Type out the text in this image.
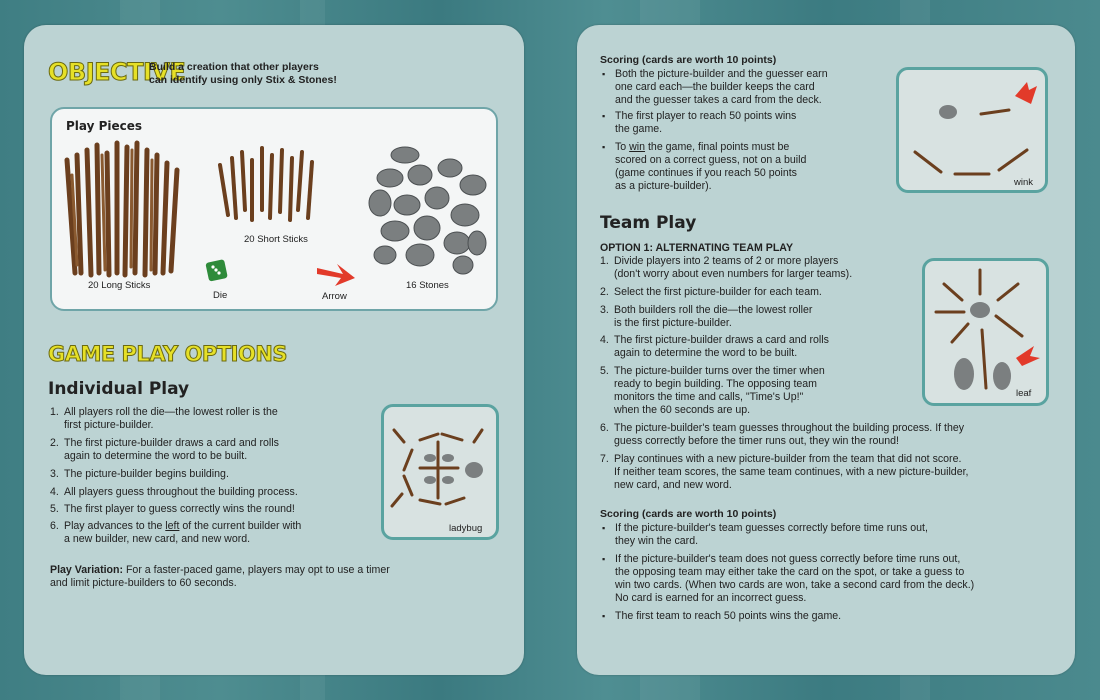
OBJECTIVE
Build a creation that other players
can identify using only Stix & Stones!
Play Pieces
20 Long Sticks
20 Short Sticks
Die	Arrow
16 Stones
GAME PLAY OPTIONS
Individual Play
1. All players roll the die—the lowest roller is the
first picture-builder.
2. The first picture-builder draws a card and rolls
again to determine the word to be built.
3. The picture-builder begins building.
4. All players guess throughout the building process.
5. The first player to guess correctly wins the round!
6. Play advances to the left of the current builder with
a new builder, new card, and new word.
ladybug
Play Variation: For a faster-paced game, players may opt to use a timer
and limit picture-builders to 60 seconds.
Scoring (cards are worth 10 points)
▪ Both the picture-builder and the guesser earn
one card each—the builder keeps the card
and the guesser takes a card from the deck.
▪ The first player to reach 50 points wins
the game.
▪ To win the game, final points must be
scored on a correct guess, not on a build
(game continues if you reach 50 points
as a picture-builder).	wink
Team Play
OPTION 1: ALTERNATING TEAM PLAY
1. Divide players into 2 teams of 2 or more players
(don't worry about even numbers for larger teams).
2. Select the first picture-builder for each team.
3. Both builders roll the die—the lowest roller
is the first picture-builder.
4. The first picture-builder draws a card and rolls
again to determine the word to be built.
5. The picture-builder turns over the timer when
ready to begin building. The opposing team
monitors the time and calls, "Time's Up!"
when the 60 seconds are up.
6. The picture-builder's team guesses throughout the building process. If they
guess correctly before the timer runs out, they win the round!
7. Play continues with a new picture-builder from the team that did not score.
If neither team scores, the same team continues, with a new picture-builder,
new card, and new word.
leaf
Scoring (cards are worth 10 points)
▪ If the picture-builder's team guesses correctly before time runs out,
they win the card.
▪ If the picture-builder's team does not guess correctly before time runs out,
the opposing team may either take the card on the spot, or take a guess to
win two cards. (When two cards are won, take a second card from the deck.)
No card is earned for an incorrect guess.
▪ The first team to reach 50 points wins the game.
